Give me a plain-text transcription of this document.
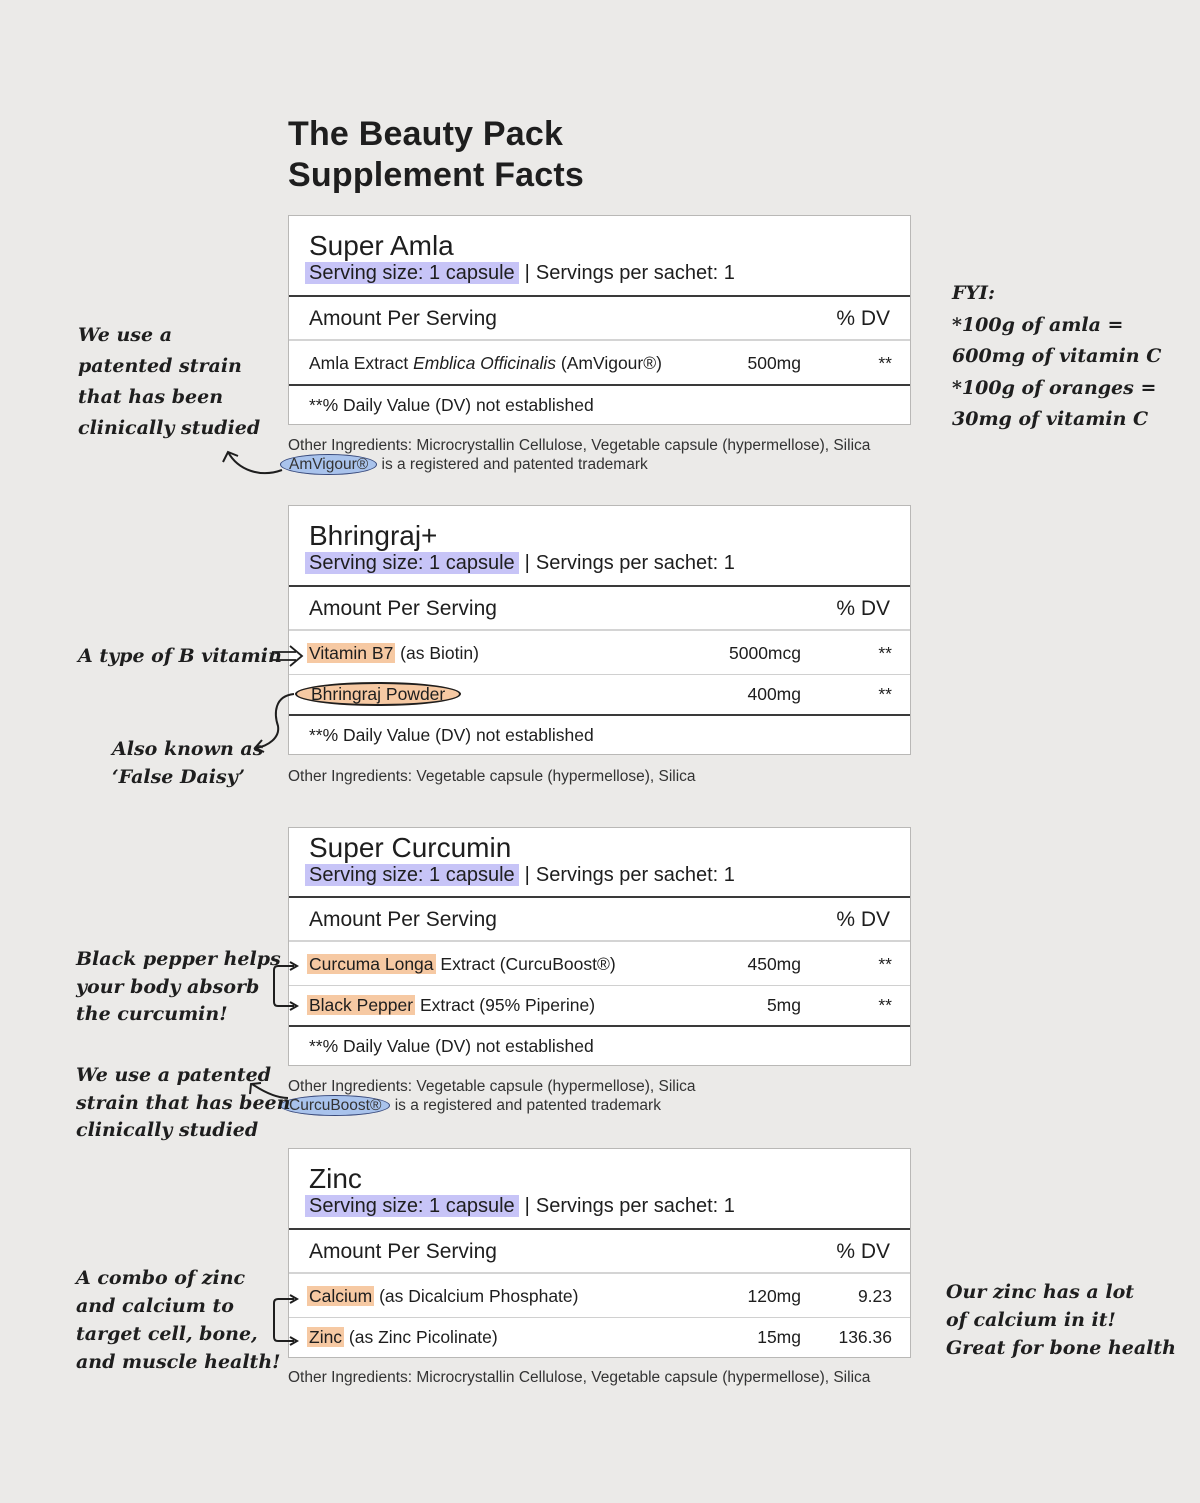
The Beauty Pack
Supplement Facts
Super Amla
Serving size: 1 capsule | Servings per sachet: 1
Amount Per Serving	% DV
Amla Extract Emblica Officinalis (AmVigour®)	500mg	**
**% Daily Value (DV) not established
Other Ingredients: Microcrystallin Cellulose, Vegetable capsule (hypermellose), Silica
AmVigour® is a registered and patented trademark
Bhringraj+
Serving size: 1 capsule | Servings per sachet: 1
Amount Per Serving	% DV
Vitamin B7 (as Biotin)	5000mcg	**
Bhringraj Powder	400mg	**
**% Daily Value (DV) not established
Other Ingredients: Vegetable capsule (hypermellose), Silica
Super Curcumin
Serving size: 1 capsule | Servings per sachet: 1
Amount Per Serving	% DV
Curcuma Longa Extract (CurcuBoost®)	450mg	**
Black Pepper Extract (95% Piperine)	5mg	**
**% Daily Value (DV) not established
Other Ingredients: Vegetable capsule (hypermellose), Silica
CurcuBoost® is a registered and patented trademark
Zinc
Serving size: 1 capsule | Servings per sachet: 1
Amount Per Serving	% DV
Calcium (as Dicalcium Phosphate)	120mg	9.23
Zinc (as Zinc Picolinate)	15mg 136.36
Other Ingredients: Microcrystallin Cellulose, Vegetable capsule (hypermellose), Silica
We use a
patented strain
that has been
clinically studied
FYI:
*100g of amla =
600mg of vitamin C
*100g of oranges =
30mg of vitamin C
A type of B vitamin
Also known as
‘False Daisy’
Black pepper helps
your body absorb
the curcumin!
We use a patented
strain that has been
clinically studied
A combo of zinc
and calcium to
target cell, bone,
and muscle health!
Our zinc has a lot
of calcium in it!
Great for bone health
